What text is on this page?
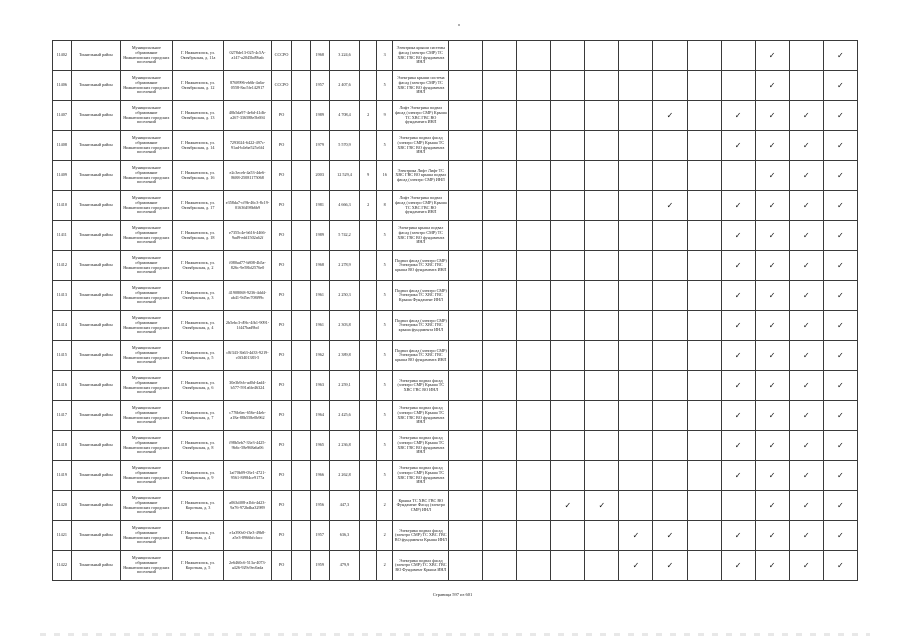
11402	Тоннельный район	Муниципальное образование Нижнепопских городских поселений	Г. Нижнепопск, ул. Октябрьская, д. 11а	0278de13-025-4c5A-a147-a2045bd9bab	СССРО		1968	3 224,6		3	Электрика крыши системы фасад (электро СМР) ТС ХВС ГВС ВО фундамента ИНЛ										✓		✓
11406	Тоннельный район	Муниципальное образование Нижнепопских городских поселений	Г. Нижнепопск, ул. Октябрьская, д. 12	8768996-eb6b-4a6a-0558-8ac5fe142917	СССРО		1957	2 407,6		5	Электрика крыши система фасад (электро СМР) ТС ХВС ГВС ВО фундамента ИНЛ										✓		✓
11407	Тоннельный район	Муниципальное образование Нижнепопских городских поселений	Г. Нижнепопск, ул. Октябрьская, д. 13	40b5da97-4e6d-41db-a267-336588e5b694	РО		1989	4 708,4	2	9	Лифт Электрика подвал фасад (электро СМР) Крыша ТС ХВС ГВС ВО фундамента ИНЛ							✓		✓	✓	✓	✓
11408	Тоннельный район	Муниципальное образование Нижнепопских городских поселений	Г. Нижнепопск, ул. Октябрьская, д. 14	7293024-6422-497c-91ad-b4ebe525c6f4	РО		1979	5 570,9		5	Электрика подвал фасад (электро СМР) Крыша ТС ХВС ГВС ВО фундамента ИНЛ									✓	✓	✓	✓
11409	Тоннельный район	Муниципальное образование Нижнепопских городских поселений	Г. Нижнепопск, ул. Октябрьская, д. 16	e2c3eceb-4a53-4de6-8688-25081175068	РО		2003	12 529,4	9	16	Электрика Лифт Лифт ТС ХВС ГВС ВО крыша подвал фасад (электро СМР) ИНЛ										✓	✓	✓
11410	Тоннельный район	Муниципальное образование Нижнепопских городских поселений	Г. Нижнепопск, ул. Октябрьская, д. 17	e358da7-cf9b-46c3-8c19-01636498b6b9	РО		1981	4 666,3	2	8	Лифт Электрика подвал фасад (электро СМР) Крыша ТС ХВС ГВС ВО фундамента ИНЛ							✓		✓	✓	✓	✓
11411	Тоннельный район	Муниципальное образование Нижнепопских городских поселений	Г. Нижнепопск, ул. Октябрьская, д. 18	e7355c4e-b616-4466-9ad9-edd1502a62f	РО		1989	5 742,2		5	Электрика крыша подвал фасад (электро СМР) ТС ХВС ГВС ВО фундамента ИНЛ									✓	✓	✓	✓
11412	Тоннельный район	Муниципальное образование Нижнепопских городских поселений	Г. Нижнепопск, ул. Октябрьская, д. 2	f080ad77-b808-4b5a-826c-9e58bf2576e0	РО		1968	2 278,9		5	Подвал фасад (электро СМР) Электрика ТС ХВС ГВС крыша ВО фундамента ИНЛ									✓	✓	✓	✓
11413	Тоннельный район	Муниципальное образование Нижнепопских городских поселений	Г. Нижнепопск, ул. Октябрьская, д. 3	41908068-9236-4dd4-ab41-9d5ec708f99c	РО		1961	2 250,3		5	Подвал фасад (электро СМР) Электрика ТС ХВС ГВС Крыша Фундамент ИНЛ									✓	✓	✓	✓
11414	Тоннельный район	Муниципальное образование Нижнепопских городских поселений	Г. Нижнепопск, ул. Октябрьская, д. 4	2b5ebc3-d9fc-4fb1-9091-1f447bad9bd	РО		1961	2 303,8		5	Подвал фасад (электро СМР) Электрика ТС ХВС ГВС крыша фундамента ИНЛ									✓	✓	✓	✓
11415	Тоннельный район	Муниципальное образование Нижнепопских городских поселений	Г. Нижнепопск, ул. Октябрьская, д. 5	c8f343-3b63-4d33-9219-c0f3401383-5	РО		1962	2 389,8		5	Подвал фасад (электро СМР) Электрика ТС ХВС ГВС крыша ВО фундамента ИНЛ									✓	✓	✓	✓
11416	Тоннельный район	Муниципальное образование Нижнепопских городских поселений	Г. Нижнепопск, ул. Октябрьская, д. 6	30e3b9cb-ad0d-4ad4-b577-591a6fe46324	РО		1963	2 259,1		5	Электрика подвал фасад (электро СМР) Крыша ТС ХВС ГВС ВО ИНЛ									✓	✓	✓	✓
11417	Тоннельный район	Муниципальное образование Нижнепопских городских поселений	Г. Нижнепопск, ул. Октябрьская, д. 7	c776b6ec-656e-44eb-a18a-88b558e0b962	РО		1964	2 425,6		5	Электрика подвал фасад (электро СМР) Крыша ТС ХВС ГВС ВО фундамента ИНЛ									✓	✓	✓	✓
11418	Тоннельный район	Муниципальное образование Нижнепопских городских поселений	Г. Нижнепопск, ул. Октябрьская, д. 8	f98b5eb7-33e3-4425-9b6c-58e968a6a06	РО		1965	2 236,8		5	Электрика подвал фасад (электро СМР) Крыша ТС ХВС ГВС ВО фундамента ИНЛ									✓	✓	✓	✓
11419	Тоннельный район	Муниципальное образование Нижнепопских городских поселений	Г. Нижнепопск, ул. Октябрьская, д. 9	1af70b09-03e1-4721-9561-8f984ce9177a	РО		1966	2 262,8		5	Электрика подвал фасад (электро СМР) Крыша ТС ХВС ГВС ВО фундамента ИНЛ									✓	✓	✓	✓
11420	Тоннельный район	Муниципальное образование Нижнепопских городских поселений	Г. Нижнепопск, ул. Короткая, д. 3	a063df08-a1bb-4d23-9a76-972bdba32989	РО		1956	447,3		2	Крыша ТС ХВС ГВС ВО Фундамент Фасад (электро СМР) ИНЛ				✓	✓					✓	✓	✓
11421	Тоннельный район	Муниципальное образование Нижнепопских городских поселений	Г. Нижнепопск, ул. Короткая, д. 4	e1a390c0-f3e3-49b8-a5e3-8966bfcfacc	РО		1957	636,3		2	Электрика подвал фасад (электро СМР) ТС ХВС ГВС ВО фундамента Крыша ИНЛ						✓	✓		✓	✓	✓	✓
11422	Тоннельный район	Муниципальное образование Нижнепопских городских поселений	Г. Нижнепопск, ул. Короткая, д. 5	2e6460c6-513a-4073-a426-929c9ec0ada	РО		1959	479,9		2	Электрика подвал фасад (электро СМР) ТС ХВС ГВС ВО Фундамент Крыша ИНЛ						✓	✓		✓	✓	✓	✓
Страница 597 из 601
